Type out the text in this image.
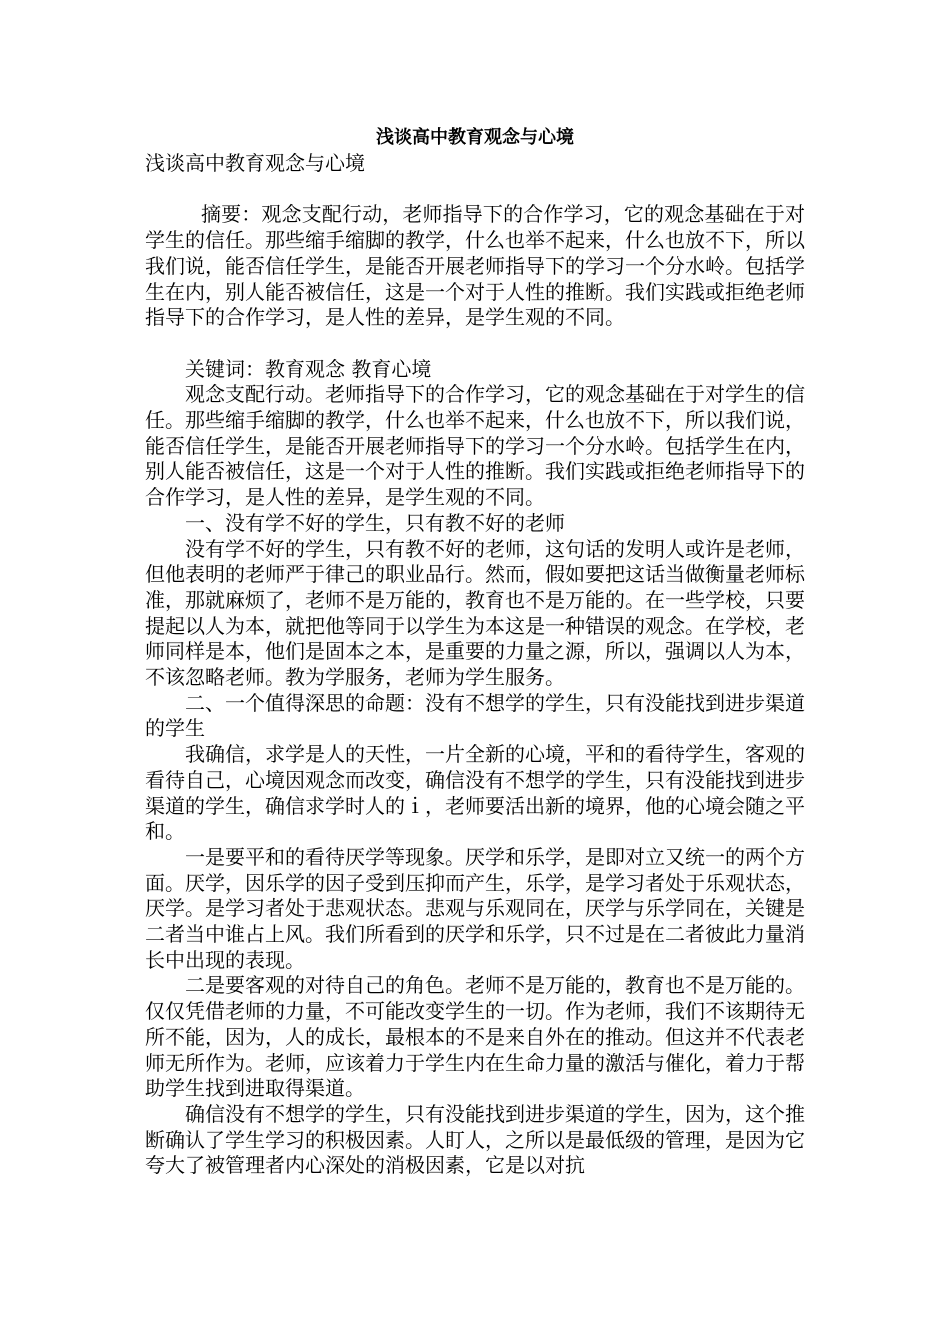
浅谈高中教育观念与心境

浅谈高中教育观念与心境

摘要：观念支配行动，老师指导下的合作学习，它的观念基础在于对学生的信任。那些缩手缩脚的教学，什么也举不起来，什么也放不下，所以我们说，能否信任学生，是能否开展老师指导下的学习一个分水岭。包括学生在内，别人能否被信任，这是一个对于人性的推断。我们实践或拒绝老师指导下的合作学习，是人性的差异，是学生观的不同。

关键词：教育观念 教育心境

观念支配行动。老师指导下的合作学习，它的观念基础在于对学生的信任。那些缩手缩脚的教学，什么也举不起来，什么也放不下，所以我们说，能否信任学生，是能否开展老师指导下的学习一个分水岭。包括学生在内，别人能否被信任，这是一个对于人性的推断。我们实践或拒绝老师指导下的合作学习，是人性的差异，是学生观的不同。

一、没有学不好的学生，只有教不好的老师

没有学不好的学生，只有教不好的老师，这句话的发明人或许是老师，但他表明的老师严于律己的职业品行。然而，假如要把这话当做衡量老师标准，那就麻烦了，老师不是万能的，教育也不是万能的。在一些学校，只要提起以人为本，就把他等同于以学生为本这是一种错误的观念。在学校，老师同样是本，他们是固本之本，是重要的力量之源，所以，强调以人为本，不该忽略老师。教为学服务，老师为学生服务。

二、一个值得深思的命题：没有不想学的学生，只有没能找到进步渠道的学生

我确信，求学是人的天性，一片全新的心境，平和的看待学生，客观的看待自己，心境因观念而改变，确信没有不想学的学生，只有没能找到进步渠道的学生，确信求学时人的ｉ，老师要活出新的境界，他的心境会随之平和。

一是要平和的看待厌学等现象。厌学和乐学，是即对立又统一的两个方面。厌学，因乐学的因子受到压抑而产生，乐学，是学习者处于乐观状态，厌学。是学习者处于悲观状态。悲观与乐观同在，厌学与乐学同在，关键是二者当中谁占上风。我们所看到的厌学和乐学，只不过是在二者彼此力量消长中出现的表现。

二是要客观的对待自己的角色。老师不是万能的，教育也不是万能的。仅仅凭借老师的力量，不可能改变学生的一切。作为老师，我们不该期待无所不能，因为，人的成长，最根本的不是来自外在的推动。但这并不代表老师无所作为。老师，应该着力于学生内在生命力量的激活与催化，着力于帮助学生找到进取得渠道。

确信没有不想学的学生，只有没能找到进步渠道的学生，因为，这个推断确认了学生学习的积极因素。人盯人，之所以是最低级的管理，是因为它夸大了被管理者内心深处的消极因素，它是以对抗
